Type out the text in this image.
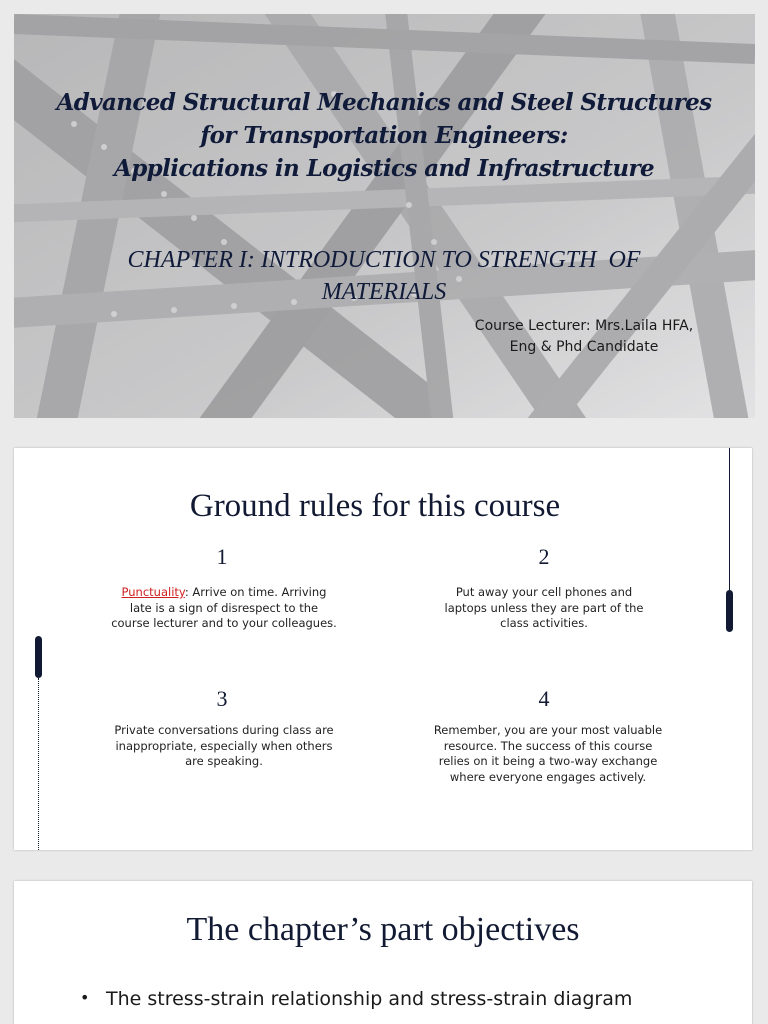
Advanced Structural Mechanics and Steel Structures
for Transportation Engineers:
Applications in Logistics and Infrastructure
CHAPTER I: INTRODUCTION TO STRENGTH  OF
MATERIALS
Course Lecturer: Mrs.Laila HFA,
Eng & Phd Candidate
Ground rules for this course
1
Punctuality: Arrive on time. Arriving late is a sign of disrespect to the course lecturer and to your colleagues.
2
Put away your cell phones and laptops unless they are part of the class activities.
3
Private conversations during class are inappropriate, especially when others are speaking.
4
Remember, you are your most valuable resource. The success of this course relies on it being a two-way exchange where everyone engages actively.
The chapter’s part objectives
• The stress-strain relationship and stress-strain diagram
